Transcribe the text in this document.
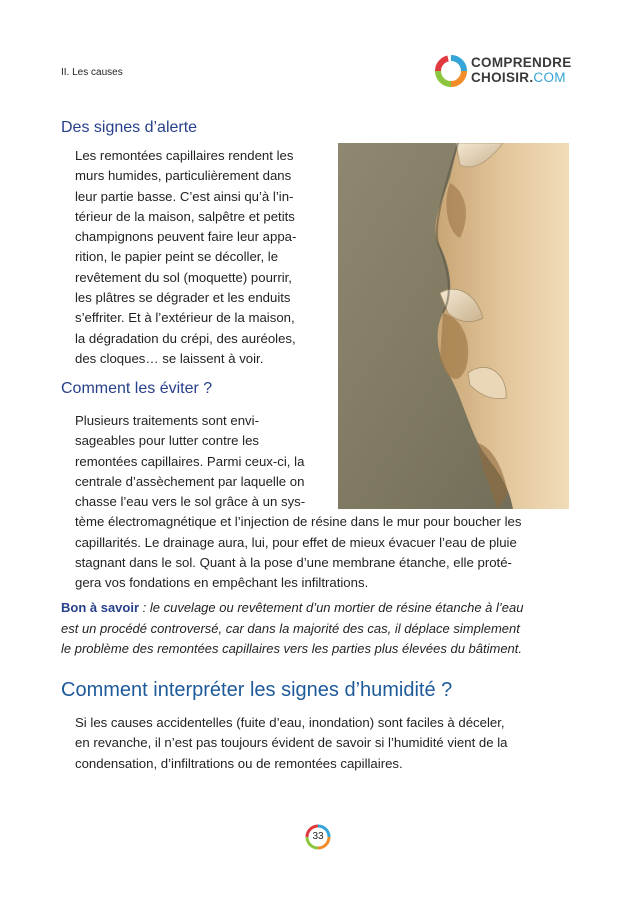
II. Les causes
COMPRENDRE
CHOISIR.COM
Des signes d’alerte
Les remontées capillaires rendent les
murs humides, particulièrement dans
leur partie basse. C’est ainsi qu’à l’in-
térieur de la maison, salpêtre et petits
champignons peuvent faire leur appa-
rition, le papier peint se décoller, le
revêtement du sol (moquette) pourrir,
les plâtres se dégrader et les enduits
s’effriter. Et à l’extérieur de la maison,
la dégradation du crépi, des auréoles,
des cloques… se laissent à voir.
Comment les éviter ?
Plusieurs traitements sont envi-
sageables pour lutter contre les
remontées capillaires. Parmi ceux-ci, la
centrale d’assèchement par laquelle on
chasse l’eau vers le sol grâce à un sys-
tème électromagnétique et l’injection de résine dans le mur pour boucher les
capillarités. Le drainage aura, lui, pour effet de mieux évacuer l’eau de pluie
stagnant dans le sol. Quant à la pose d’une membrane étanche, elle proté-
gera vos fondations en empêchant les infiltrations.
Bon à savoir : le cuvelage ou revêtement d’un mortier de résine étanche à l’eau
est un procédé controversé, car dans la majorité des cas, il déplace simplement
le problème des remontées capillaires vers les parties plus élevées du bâtiment.
Comment interpréter les signes d’humidité ?
Si les causes accidentelles (fuite d’eau, inondation) sont faciles à déceler,
en revanche, il n’est pas toujours évident de savoir si l’humidité vient de la
condensation, d’infiltrations ou de remontées capillaires.
33
